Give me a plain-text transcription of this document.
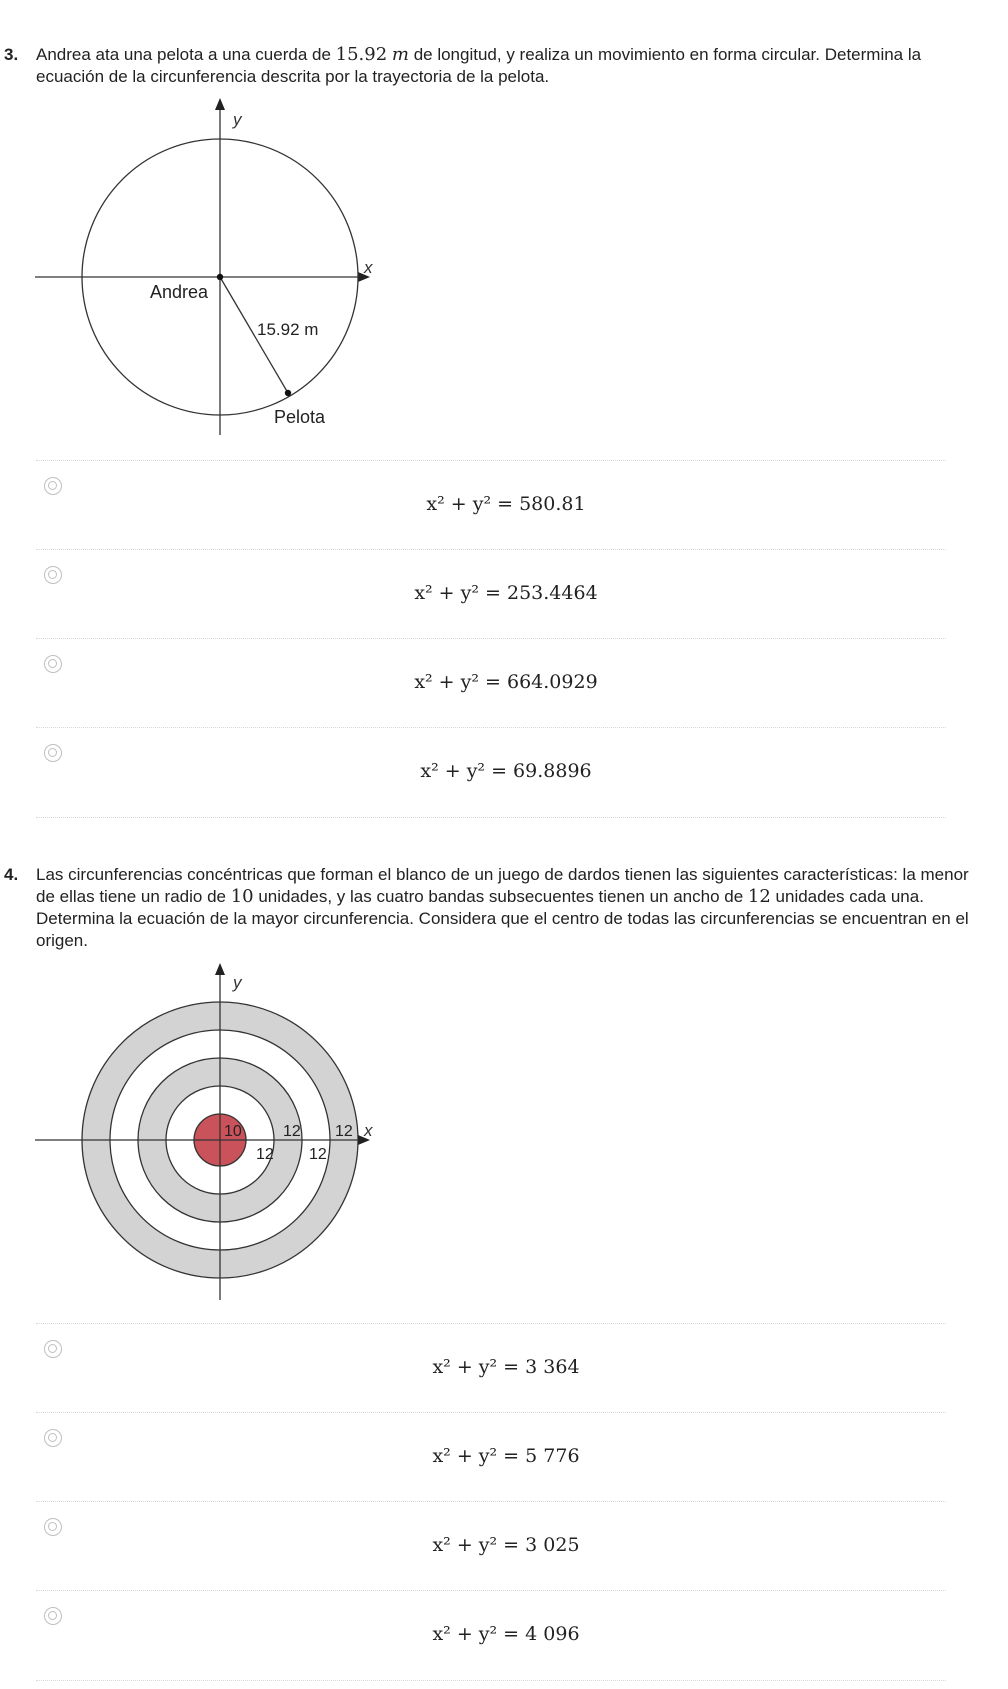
3. Andrea ata una pelota a una cuerda de 15.92 m de longitud, y realiza un movimiento en forma circular. Determina la ecuación de la circunferencia descrita por la trayectoria de la pelota.
y
x
Andrea
15.92 m
Pelota
x² + y² = 580.81
x² + y² = 253.4464
x² + y² = 664.0929
x² + y² = 69.8896
4. Las circunferencias concéntricas que forman el blanco de un juego de dardos tienen las siguientes características: la menor de ellas tiene un radio de 10 unidades, y las cuatro bandas subsecuentes tienen un ancho de 12 unidades cada una. Determina la ecuación de la mayor circunferencia. Considera que el centro de todas las circunferencias se encuentran en el origen.
y
x
10
12
12
12
12
x² + y² = 3 364
x² + y² = 5 776
x² + y² = 3 025
x² + y² = 4 096
